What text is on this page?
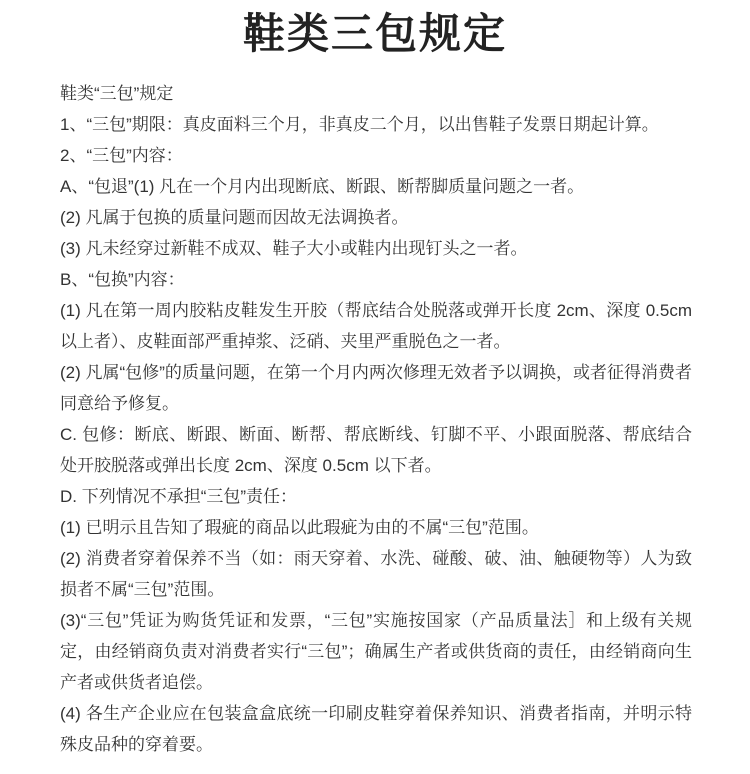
鞋类三包规定

鞋类“三包”规定

1、“三包”期限：真皮面料三个月，非真皮二个月，以出售鞋子发票日期起计算。

2、“三包”内容：

A、“包退”(1) 凡在一个月内出现断底、断跟、断帮脚质量问题之一者。

(2) 凡属于包换的质量问题而因故无法调换者。

(3) 凡未经穿过新鞋不成双、鞋子大小或鞋内出现钉头之一者。

B、“包换”内容：

(1) 凡在第一周内胶粘皮鞋发生开胶（帮底结合处脱落或弹开长度 2cm、深度 0.5cm 以上者）、皮鞋面部严重掉浆、泛硝、夹里严重脱色之一者。

(2) 凡属“包修”的质量问题，在第一个月内两次修理无效者予以调换，或者征得消费者同意给予修复。

C. 包修：断底、断跟、断面、断帮、帮底断线、钉脚不平、小跟面脱落、帮底结合处开胶脱落或弹出长度 2cm、深度 0.5cm 以下者。

D. 下列情况不承担“三包”责任：

(1) 已明示且告知了瑕疵的商品以此瑕疵为由的不属“三包”范围。

(2) 消费者穿着保养不当（如：雨天穿着、水洗、碰酸、破、油、触硬物等）人为致损者不属“三包”范围。

(3)“三包”凭证为购货凭证和发票，“三包”实施按国家（产品质量法］和上级有关规定，由经销商负责对消费者实行“三包”；确属生产者或供货商的责任，由经销商向生产者或供货者追偿。

(4) 各生产企业应在包装盒盒底统一印刷皮鞋穿着保养知识、消费者指南，并明示特殊皮品种的穿着要。
